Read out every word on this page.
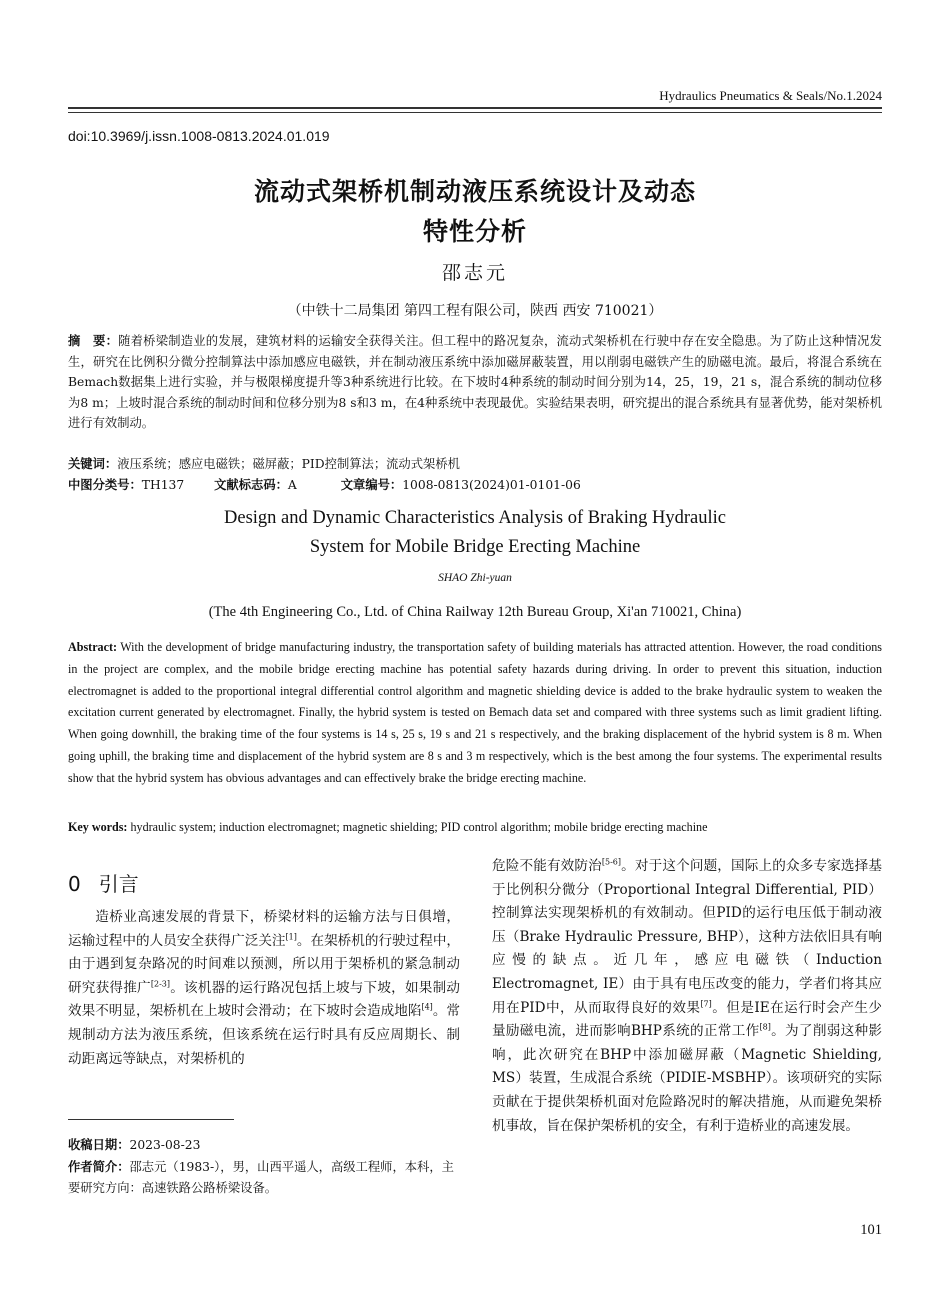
Hydraulics Pneumatics & Seals/No.1.2024
doi:10.3969/j.issn.1008-0813.2024.01.019
流动式架桥机制动液压系统设计及动态
特性分析
邵志元
（中铁十二局集团 第四工程有限公司，陕西 西安 710021）
摘　要：随着桥梁制造业的发展，建筑材料的运输安全获得关注。但工程中的路况复杂，流动式架桥机在行驶中存在安全隐患。为了防止这种情况发生，研究在比例积分微分控制算法中添加感应电磁铁，并在制动液压系统中添加磁屏蔽装置，用以削弱电磁铁产生的励磁电流。最后，将混合系统在Bemach数据集上进行实验，并与极限梯度提升等3种系统进行比较。在下坡时4种系统的制动时间分别为14，25，19，21 s，混合系统的制动位移为8 m；上坡时混合系统的制动时间和位移分别为8 s和3 m，在4种系统中表现最优。实验结果表明，研究提出的混合系统具有显著优势，能对架桥机进行有效制动。
关键词：液压系统；感应电磁铁；磁屏蔽；PID控制算法；流动式架桥机
中图分类号：TH137 文献标志码：A	文章编号：1008-0813(2024)01-0101-06
Design and Dynamic Characteristics Analysis of Braking Hydraulic
System for Mobile Bridge Erecting Machine
SHAO Zhi-yuan
(The 4th Engineering Co., Ltd. of China Railway 12th Bureau Group, Xi'an 710021, China)
Abstract: With the development of bridge manufacturing industry, the transportation safety of building materials has attracted attention. However, the road conditions in the project are complex, and the mobile bridge erecting machine has potential safety hazards during driving. In order to prevent this situation, induction electromagnet is added to the proportional integral differential control algorithm and magnetic shielding device is added to the brake hydraulic system to weaken the excitation current generated by electromagnet. Finally, the hybrid system is tested on Bemach data set and compared with three systems such as limit gradient lifting. When going downhill, the braking time of the four systems is 14 s, 25 s, 19 s and 21 s respectively, and the braking displacement of the hybrid system is 8 m. When going uphill, the braking time and displacement of the hybrid system are 8 s and 3 m respectively, which is the best among the four systems. The experimental results show that the hybrid system has obvious advantages and can effectively brake the bridge erecting machine.
Key words: hydraulic system; induction electromagnet; magnetic shielding; PID control algorithm; mobile bridge erecting machine
0 引言
造桥业高速发展的背景下，桥梁材料的运输方法与日俱增，运输过程中的人员安全获得广泛关注[1]。在架桥机的行驶过程中，由于遇到复杂路况的时间难以预测，所以用于架桥机的紧急制动研究获得推广[2-3]。该机器的运行路况包括上坡与下坡，如果制动效果不明显，架桥机在上坡时会滑动；在下坡时会造成地陷[4]。常规制动方法为液压系统，但该系统在运行时具有反应周期长、制动距离远等缺点，对架桥机的
危险不能有效防治[5-6]。对于这个问题，国际上的众多专家选择基于比例积分微分（Proportional Integral Differential, PID）控制算法实现架桥机的有效制动。但PID的运行电压低于制动液压（Brake Hydraulic Pressure, BHP），这种方法依旧具有响应慢的缺点。近几年，感应电磁铁（Induction Electromagnet, IE）由于具有电压改变的能力，学者们将其应用在PID中，从而取得良好的效果[7]。但是IE在运行时会产生少量励磁电流，进而影响BHP系统的正常工作[8]。为了削弱这种影响，此次研究在BHP中添加磁屏蔽（Magnetic Shielding, MS）装置，生成混合系统（PIDIE-MSBHP）。该项研究的实际贡献在于提供架桥机面对危险路况时的解决措施，从而避免架桥机事故，旨在保护架桥机的安全，有利于造桥业的高速发展。
收稿日期：2023-08-23
作者简介：邵志元（1983-），男，山西平遥人，高级工程师，本科，主要研究方向：高速铁路公路桥梁设备。
101
